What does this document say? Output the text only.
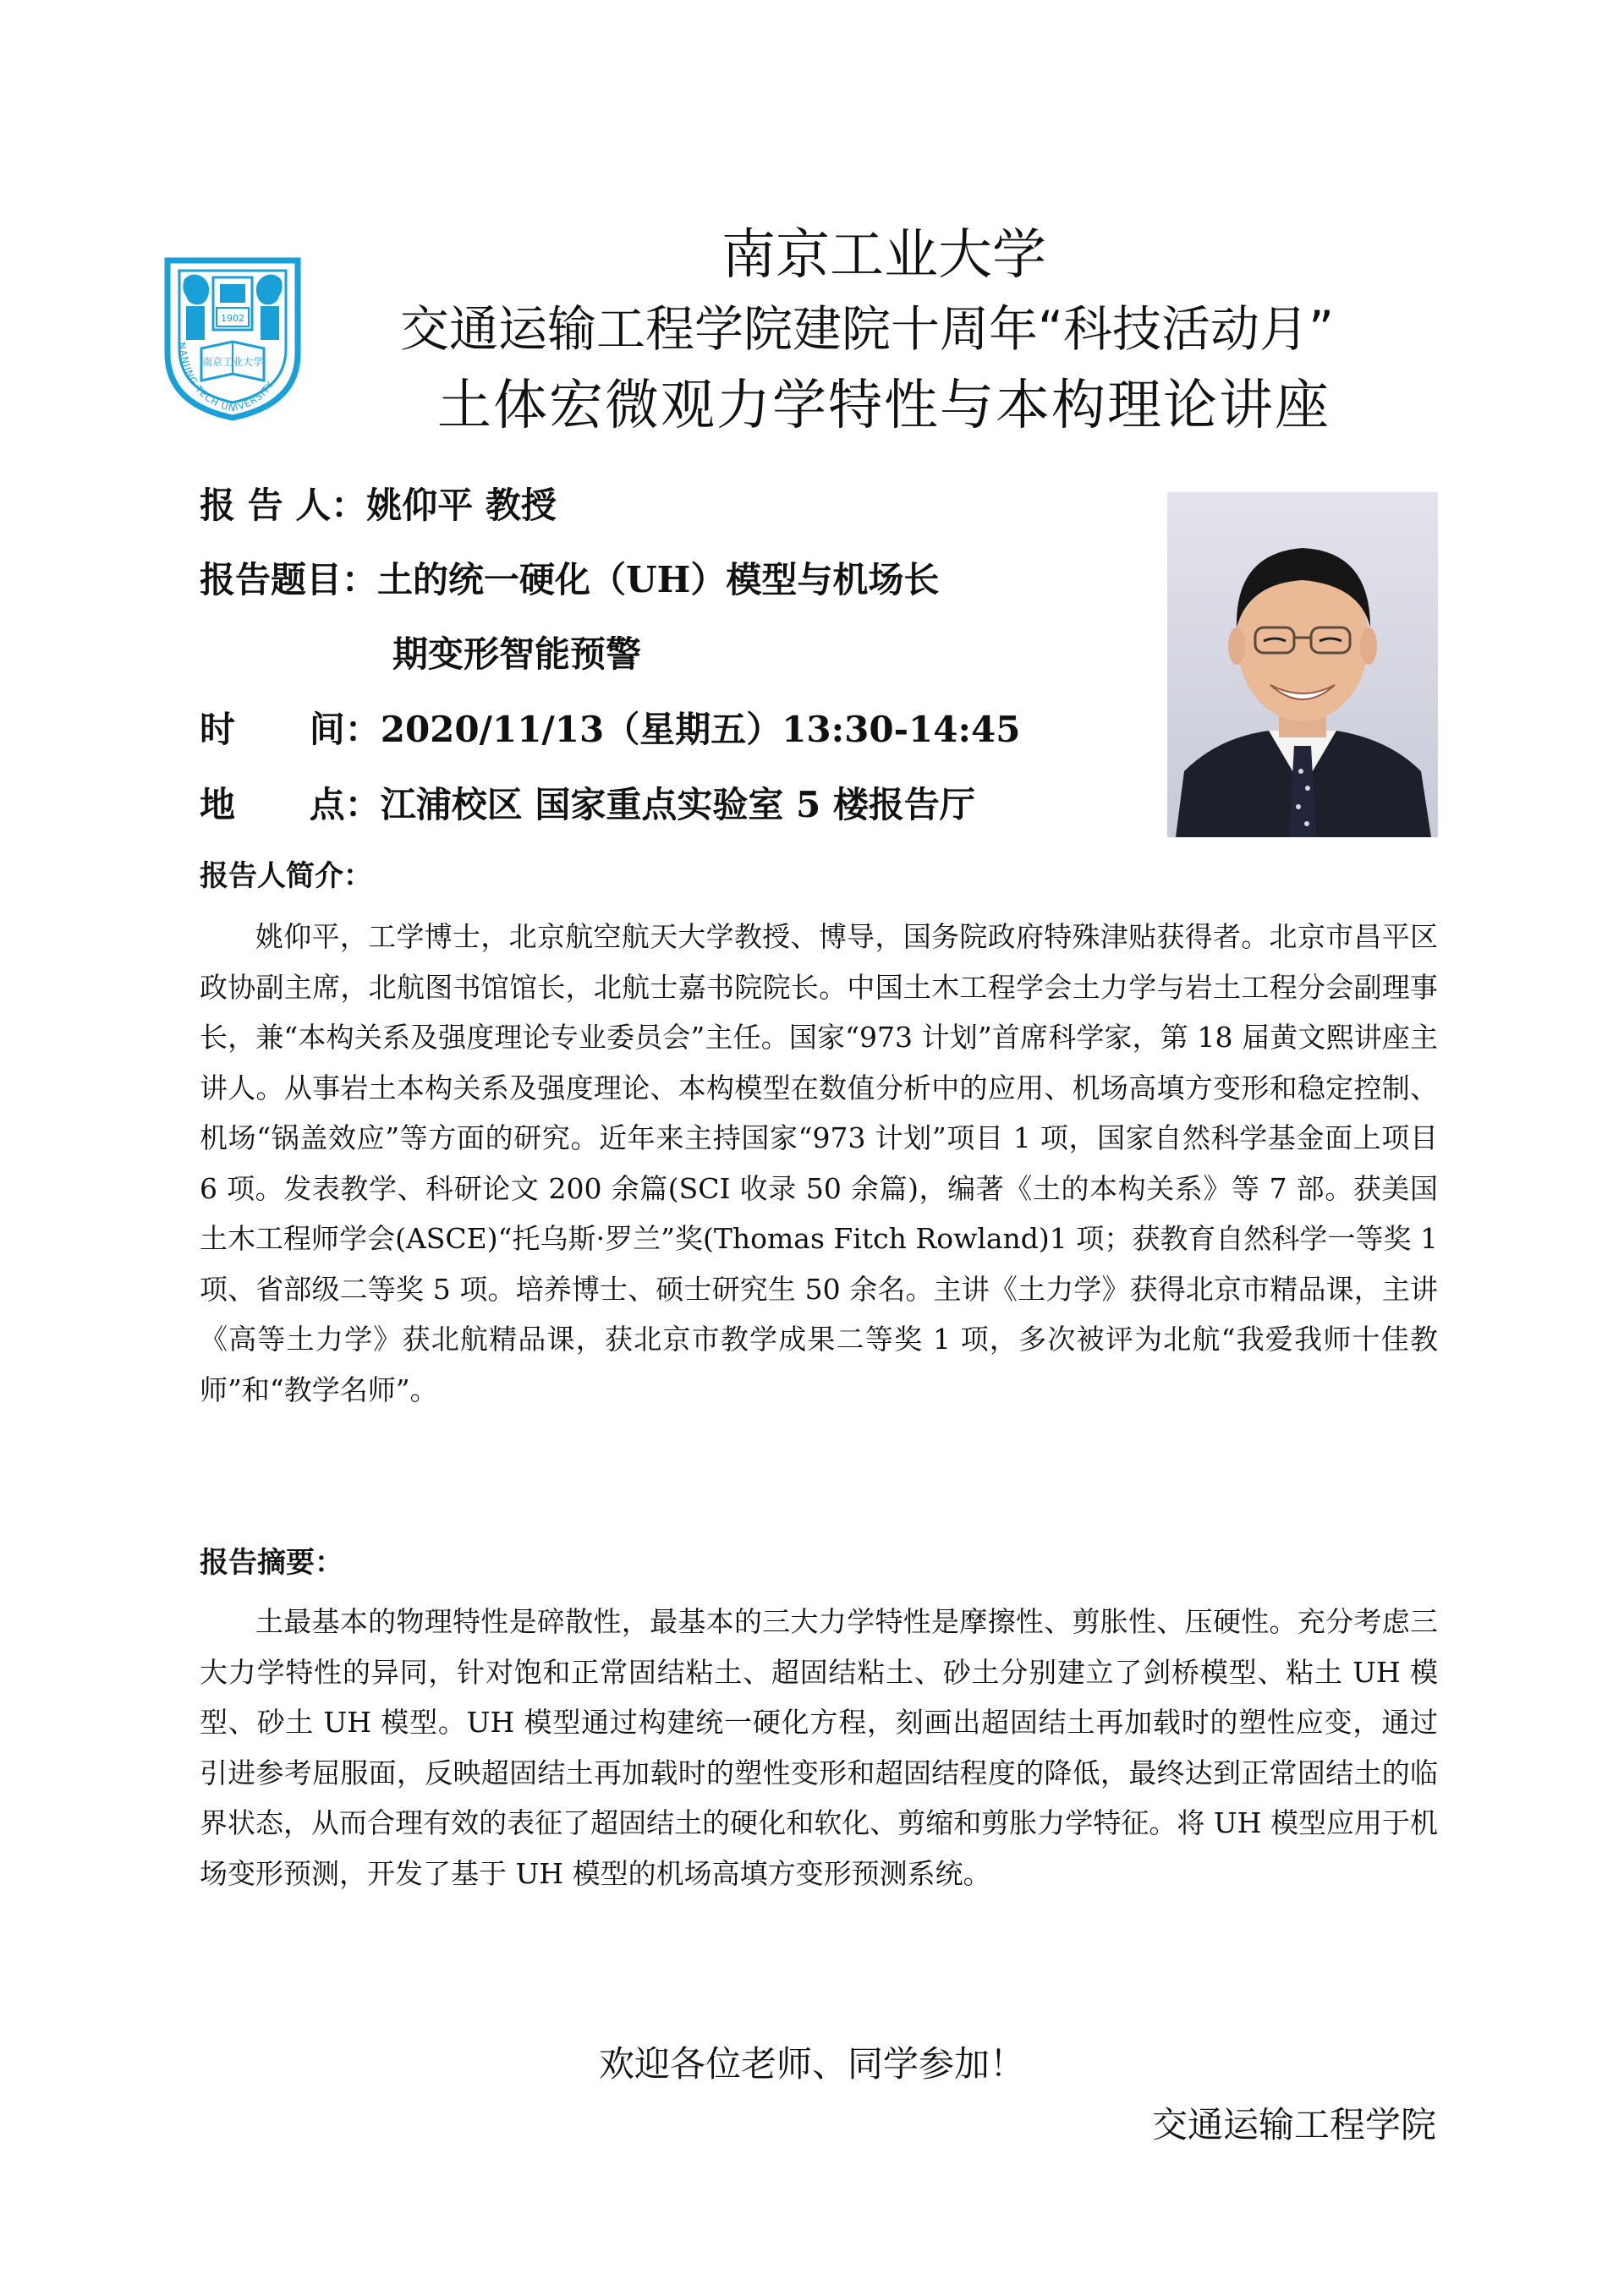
1902
南京工业大学
NANJING TECH UNIVERSITY
南京工业大学
交通运输工程学院建院十周年“科技活动月”
土体宏微观力学特性与本构理论讲座
报 告 人：姚仰平 教授
报告题目：土的统一硬化（UH）模型与机场长
期变形智能预警
时      间：2020/11/13（星期五）13:30-14:45
地      点：江浦校区 国家重点实验室 5 楼报告厅
报告人简介：
姚仰平，工学博士，北京航空航天大学教授、博导，国务院政府特殊津贴获得者。北京市昌平区政协副主席，北航图书馆馆长，北航士嘉书院院长。中国土木工程学会土力学与岩土工程分会副理事长，兼“本构关系及强度理论专业委员会”主任。国家“973 计划”首席科学家，第 18 届黄文熙讲座主讲人。从事岩土本构关系及强度理论、本构模型在数值分析中的应用、机场高填方变形和稳定控制、机场“锅盖效应”等方面的研究。近年来主持国家“973 计划”项目 1 项，国家自然科学基金面上项目 6 项。发表教学、科研论文 200 余篇(SCI 收录 50 余篇)，编著《土的本构关系》等 7 部。获美国土木工程师学会(ASCE)“托乌斯·罗兰”奖(Thomas Fitch Rowland)1 项；获教育自然科学一等奖 1 项、省部级二等奖 5 项。培养博士、硕士研究生 50 余名。主讲《土力学》获得北京市精品课，主讲《高等土力学》获北航精品课，获北京市教学成果二等奖 1 项，多次被评为北航“我爱我师十佳教师”和“教学名师”。
报告摘要：
土最基本的物理特性是碎散性，最基本的三大力学特性是摩擦性、剪胀性、压硬性。充分考虑三大力学特性的异同，针对饱和正常固结粘土、超固结粘土、砂土分别建立了剑桥模型、粘土 UH 模型、砂土 UH 模型。UH 模型通过构建统一硬化方程，刻画出超固结土再加载时的塑性应变，通过引进参考屈服面，反映超固结土再加载时的塑性变形和超固结程度的降低，最终达到正常固结土的临界状态，从而合理有效的表征了超固结土的硬化和软化、剪缩和剪胀力学特征。将 UH 模型应用于机场变形预测，开发了基于 UH 模型的机场高填方变形预测系统。
欢迎各位老师、同学参加！
交通运输工程学院
